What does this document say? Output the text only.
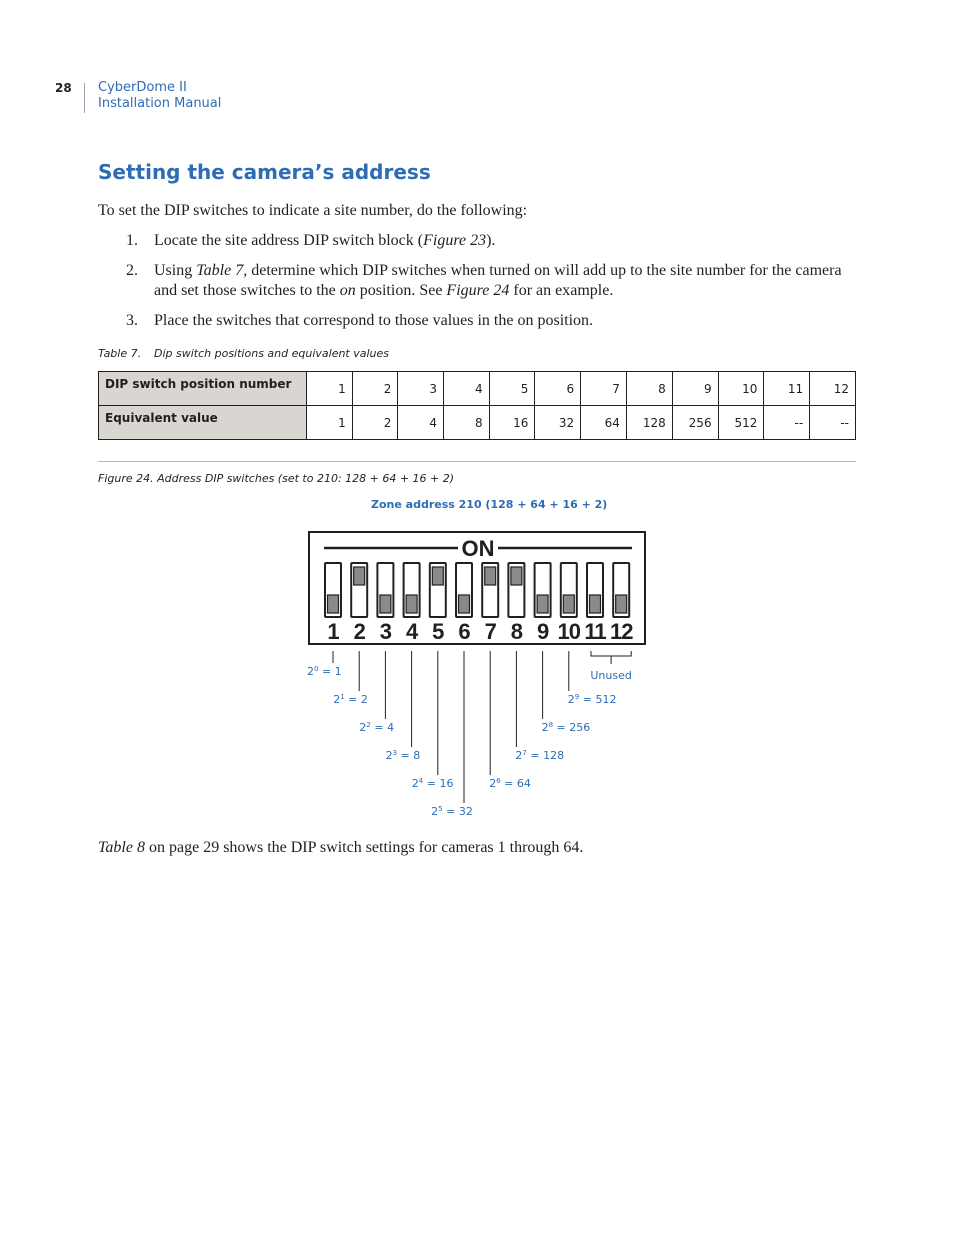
28 CyberDome II
Installation Manual
Setting the camera’s address
To set the DIP switches to indicate a site number, do the following:
1.	Locate the site address DIP switch block (Figure 23).
2.	Using Table 7, determine which DIP switches when turned on will add up to the site number for the camera and set those switches to the on position. See Figure 24 for an example.
3.	Place the switches that correspond to those values in the on position.
Table 7. Dip switch positions and equivalent values
DIP switch position number	1	2	3	4	5	6	7	8	9	10	11	12
Equivalent value	1	2	4	8	16	32	64	128	256	512	--	--
Figure 24. Address DIP switches (set to 210: 128 + 64 + 16 + 2)
Zone address 210 (128 + 64 + 16 + 2)
ON
1 2 3 4 5 6 7 8 9 10 11 12
$2^0 = 1$
$2^1 = 2$
$2^2 = 4$
$2^3 = 8$
$2^4 = 16$
$2^5 = 32$
$2^6 = 64$
$2^7 = 128$
$2^8 = 256$
$2^9 = 512$
Unused
Table 8 on page 29 shows the DIP switch settings for cameras 1 through 64.
